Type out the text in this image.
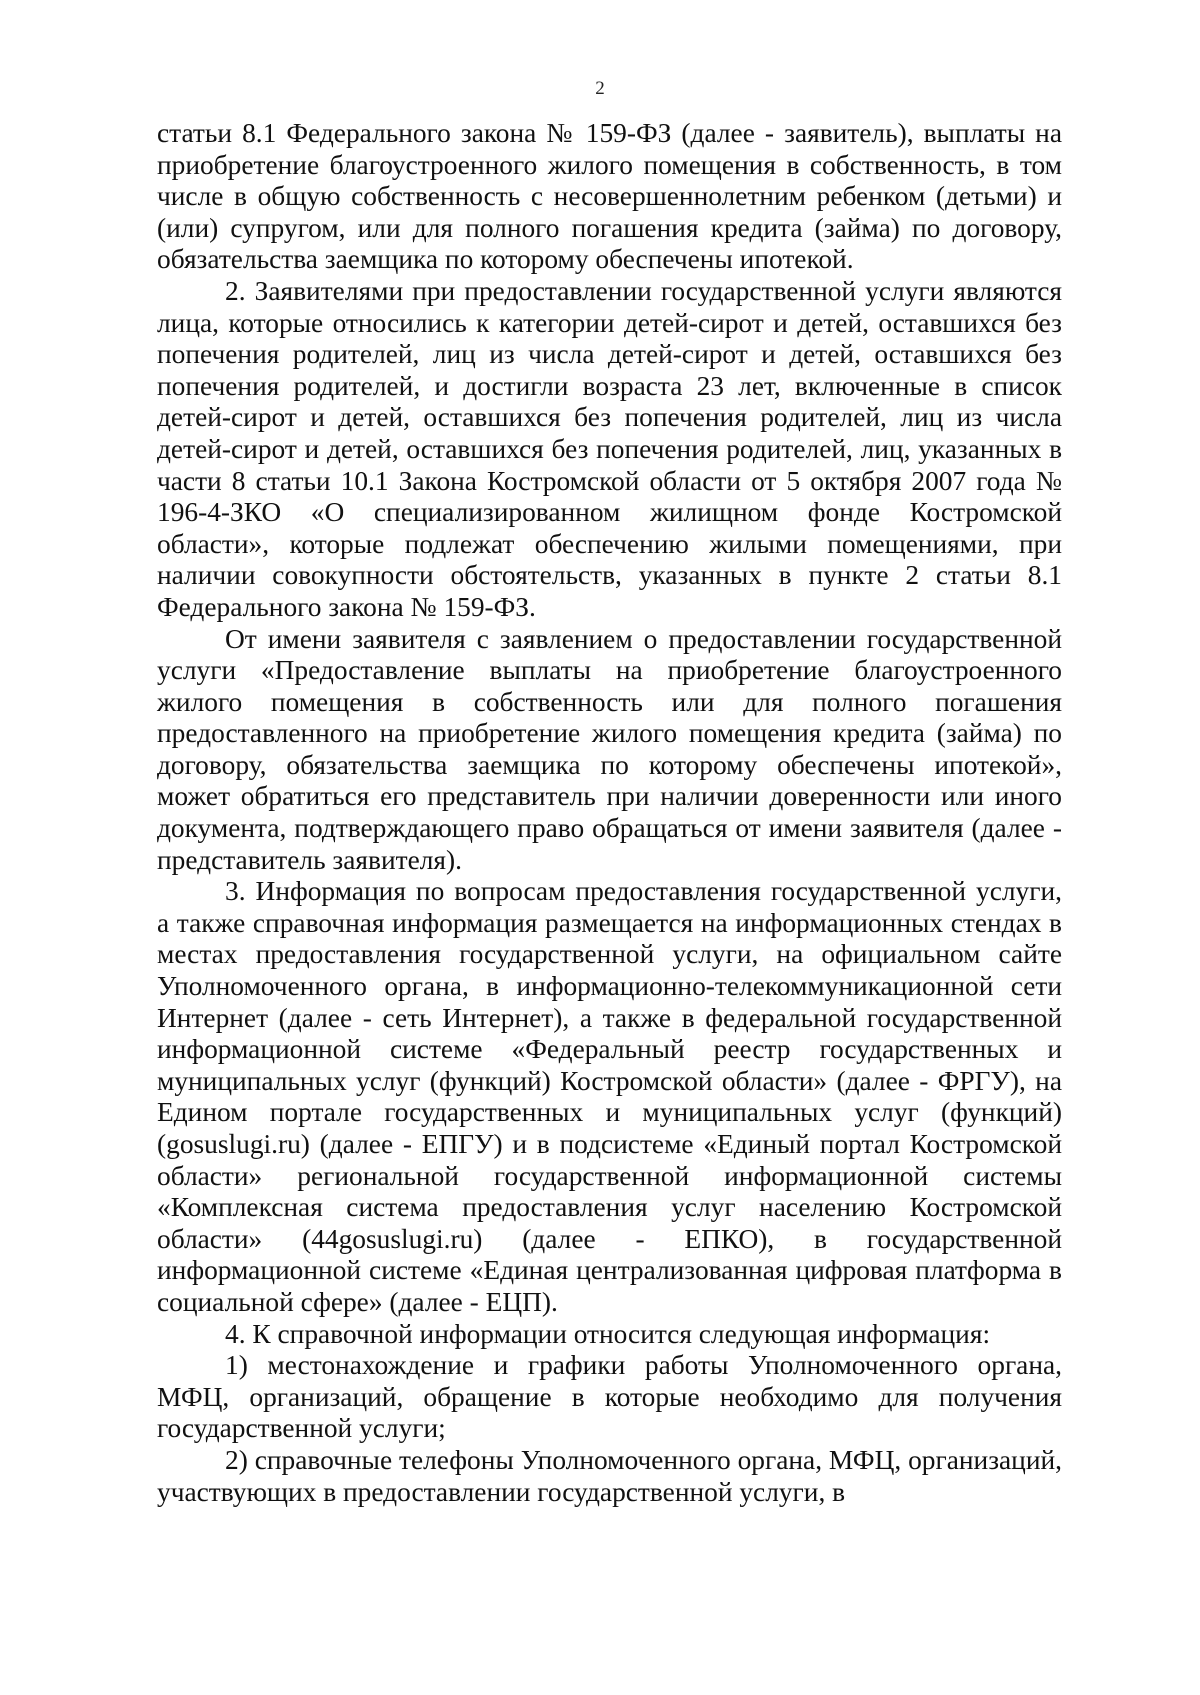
2

статьи 8.1 Федерального закона № 159-ФЗ (далее - заявитель), выплаты на приобретение благоустроенного жилого помещения в собственность, в том числе в общую собственность с несовершеннолетним ребенком (детьми) и (или) супругом, или для полного погашения кредита (займа) по договору, обязательства заемщика по которому обеспечены ипотекой.

2. Заявителями при предоставлении государственной услуги являются лица, которые относились к категории детей-сирот и детей, оставшихся без попечения родителей, лиц из числа детей-сирот и детей, оставшихся без попечения родителей, и достигли возраста 23 лет, включенные в список детей-сирот и детей, оставшихся без попечения родителей, лиц из числа детей-сирот и детей, оставшихся без попечения родителей, лиц, указанных в части 8 статьи 10.1 Закона Костромской области от 5 октября 2007 года № 196-4-ЗКО «О специализированном жилищном фонде Костромской области», которые подлежат обеспечению жилыми помещениями, при наличии совокупности обстоятельств, указанных в пункте 2 статьи 8.1 Федерального закона № 159-ФЗ.

От имени заявителя с заявлением о предоставлении государственной услуги «Предоставление выплаты на приобретение благоустроенного жилого помещения в собственность или для полного погашения предоставленного на приобретение жилого помещения кредита (займа) по договору, обязательства заемщика по которому обеспечены ипотекой», может обратиться его представитель при наличии доверенности или иного документа, подтверждающего право обращаться от имени заявителя (далее - представитель заявителя).

3. Информация по вопросам предоставления государственной услуги, а также справочная информация размещается на информационных стендах в местах предоставления государственной услуги, на официальном сайте Уполномоченного органа, в информационно-телекоммуникационной сети Интернет (далее - сеть Интернет), а также в федеральной государственной информационной системе «Федеральный реестр государственных и муниципальных услуг (функций) Костромской области» (далее - ФРГУ), на Едином портале государственных и муниципальных услуг (функций) (gosuslugi.ru) (далее - ЕПГУ) и в подсистеме «Единый портал Костромской области» региональной государственной информационной системы «Комплексная система предоставления услуг населению Костромской области» (44gosuslugi.ru) (далее - ЕПКО), в государственной информационной системе «Единая централизованная цифровая платформа в социальной сфере» (далее - ЕЦП).

4. К справочной информации относится следующая информация:

1) местонахождение и графики работы Уполномоченного органа, МФЦ, организаций, обращение в которые необходимо для получения государственной услуги;

2) справочные телефоны Уполномоченного органа, МФЦ, организаций, участвующих в предоставлении государственной услуги, в
